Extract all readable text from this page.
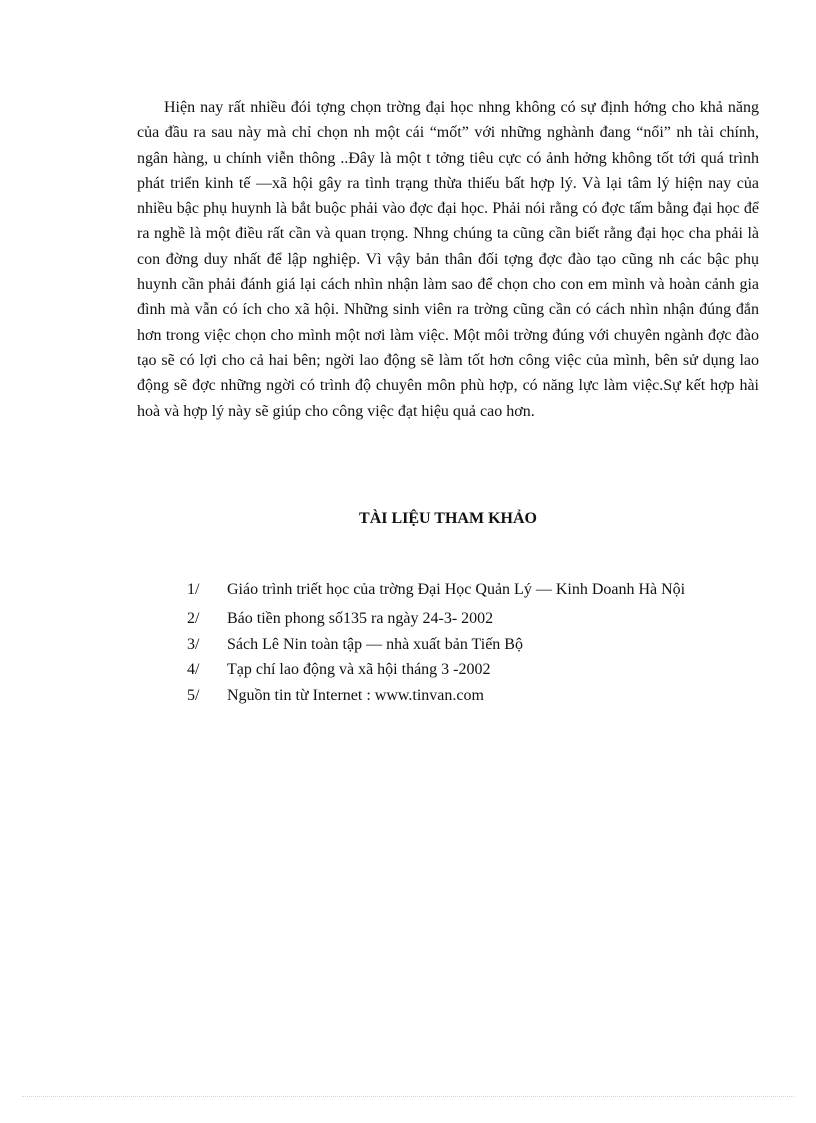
Hiện nay rất nhiều đói tợng chọn trờng đại học nhng không có sự định hớng cho khả năng của đầu ra sau này mà chỉ chọn nh một cái “mốt” với những nghành đang “nổi” nh tài chính, ngân hàng, u chính viễn thông ..Đây là một t tởng tiêu cực có ảnh hởng không tốt tới quá trình phát triển kinh tế —xã hội gây ra tình trạng thừa thiếu bất hợp lý. Và lại tâm lý hiện nay của nhiều bậc phụ huynh là bắt buộc phải vào đợc đại học. Phải nói rằng có đợc tấm bằng đại học để ra nghề là một điều rất cần và quan trọng. Nhng chúng ta cũng cần biết rằng đại học cha phải là con đờng duy nhất để lập nghiệp. Vì vậy bản thân đối tợng đợc đào tạo cũng nh các bậc phụ huynh cần phải đánh giá lại cách nhìn nhận làm sao để chọn cho con em mình và hoàn cảnh gia đình mà vẫn có ích cho xã hội. Những sinh viên ra trờng cũng cần có cách nhìn nhận đúng đắn hơn trong việc chọn cho mình một nơi làm việc. Một môi trờng đúng với chuyên ngành đợc đào tạo sẽ có lợi cho cả hai bên; ngời lao động sẽ làm tốt hơn công việc của mình, bên sử dụng lao động sẽ đợc những ngời có trình độ chuyên môn phù hợp, có năng lực làm việc.Sự kết hợp hài hoà và hợp lý này sẽ giúp cho công việc đạt hiệu quả cao hơn.

TÀI LIỆU THAM KHẢO

1/	Giáo trình triết học của trờng Đại Học Quản Lý — Kinh Doanh Hà Nội
2/	Báo tiền phong số135 ra ngày 24-3- 2002
3/	Sách Lê Nin toàn tập — nhà xuất bản Tiến Bộ
4/	Tạp chí lao động và xã hội tháng 3 -2002
5/	Nguồn tin từ Internet : www.tinvan.com
